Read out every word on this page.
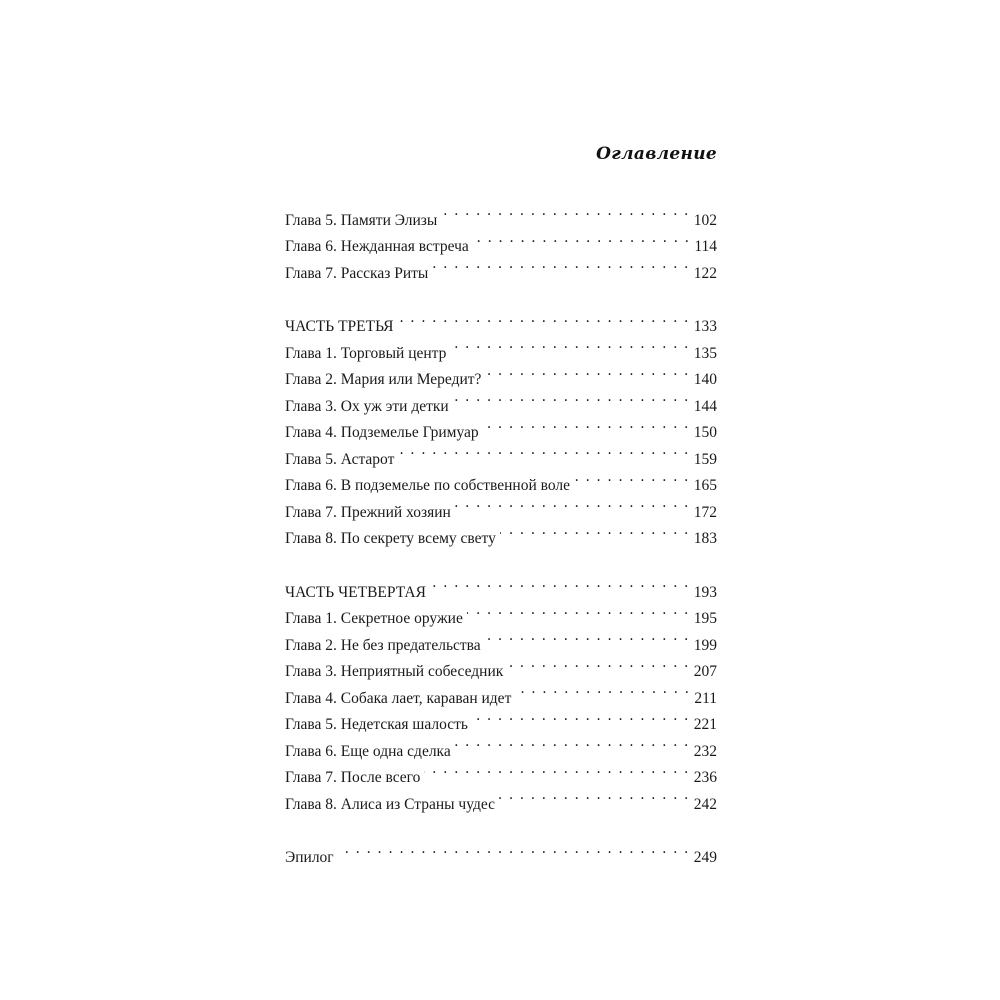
Оглавление
Глава 5. Памяти Элизы . . .	102
Глава 6. Нежданная встреча . . .	114
Глава 7. Рассказ Риты . . .	122
ЧАСТЬ ТРЕТЬЯ . . .	133
Глава 1. Торговый центр . . .	135
Глава 2. Мария или Мередит? . . .	140
Глава 3. Ох уж эти детки . . .	144
Глава 4. Подземелье Гримуар . . .	150
Глава 5. Астарот . . .	159
Глава 6. В подземелье по собственной воле . . .	165
Глава 7. Прежний хозяин . . .	172
Глава 8. По секрету всему свету . . .	183
ЧАСТЬ ЧЕТВЕРТАЯ . . .	193
Глава 1. Секретное оружие . . .	195
Глава 2. Не без предательства . . .	199
Глава 3. Неприятный собеседник . . .	207
Глава 4. Собака лает, караван идет . . .	211
Глава 5. Недетская шалость . . .	221
Глава 6. Еще одна сделка . . .	232
Глава 7. После всего . . .	236
Глава 8. Алиса из Страны чудес . . .	242
Эпилог . . .	249
